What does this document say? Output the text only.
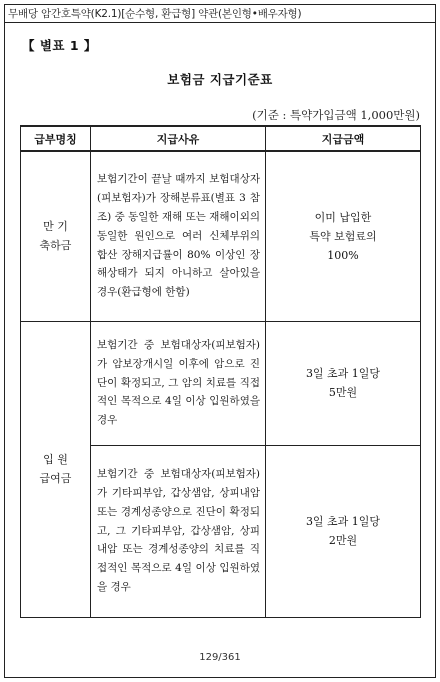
무배당 암간호특약(K2.1)[순수형, 환급형] 약관(본인형•배우자형)
【 별표 1 】
보험금 지급기준표
(기준 : 특약가입금액 1,000만원)
급부명칭	지급사유	지급금액
만 기
축하금	보험기간이 끝날 때까지 보험대상자(피보험자)가 장해분류표(별표 3 참조) 중 동일한 재해 또는 재해이외의 동일한 원인으로 여러 신체부위의 합산 장해지급률이 80% 이상인 장해상태가 되지 아니하고 살아있을 경우(환급형에 한함)	이미 납입한
특약 보험료의
100%
입 원
급여금	보험기간 중 보험대상자(피보험자)가 암보장개시일 이후에 암으로 진단이 확정되고, 그 암의 치료를 직접적인 목적으로 4일 이상 입원하였을 경우	3일 초과 1일당
5만원
	보험기간 중 보험대상자(피보험자)가 기타피부암, 갑상샘암, 상피내암 또는 경계성종양으로 진단이 확정되고, 그 기타피부암, 갑상샘암, 상피내암 또는 경계성종양의 치료를 직접적인 목적으로 4일 이상 입원하였을 경우	3일 초과 1일당
2만원
129/361
